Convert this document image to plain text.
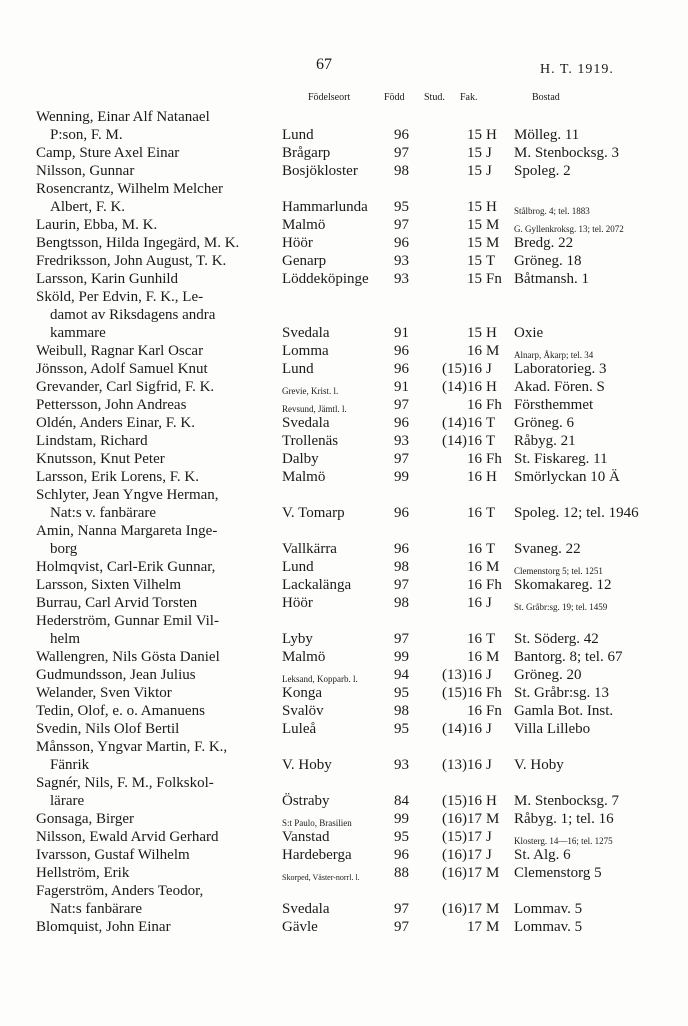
67	H. T. 1919.
Födelseort	Född Stud. Fak.	Bostad
Wenning, Einar Alf Natanael
P:son, F. M.	Lund	96	15	H	Mölleg. 11

Camp, Sture Axel Einar	Brågarp	97	15	J	M. Stenbocksg. 3

Nilsson, Gunnar	Bosjökloster	98	15	J	Spoleg. 2

Rosencrantz, Wilhelm Melcher
Albert, F. K.	Hammarlunda	95	15	H	Stålbrog. 4; tel. 1883

Laurin, Ebba, M. K.	Malmö	97	15	M	G. Gyllenkroksg. 13; tel. 2072

Bengtsson, Hilda Ingegärd, M. K.	Höör	96	15	M	Bredg. 22

Fredriksson, John August, T. K.	Genarp	93	15	T	Gröneg. 18

Larsson, Karin Gunhild	Löddeköpinge	93	15	Fn	Båtmansh. 1

Sköld, Per Edvin, F. K., Le-
damot av Riksdagens andra
kammare	Svedala	91	15	H	Oxie

Weibull, Ragnar Karl Oscar	Lomma	96	16	M	Alnarp, Åkarp; tel. 34

Jönsson, Adolf Samuel Knut	Lund	96	(15)16	J	Laboratorieg. 3

Grevander, Carl Sigfrid, F. K.	Grevie, Krist. l.	91	(14)16	H	Akad. Fören. S

Pettersson, John Andreas	Revsund, Jämtl. l.	97	16	Fh	Försthemmet

Oldén, Anders Einar, F. K.	Svedala	96	(14)16	T	Gröneg. 6

Lindstam, Richard	Trollenäs	93	(14)16	T	Råbyg. 21

Knutsson, Knut Peter	Dalby	97	16	Fh	St. Fiskareg. 11

Larsson, Erik Lorens, F. K.	Malmö	99	16	H	Smörlyckan 10 Ä

Schlyter, Jean Yngve Herman,
Nat:s v. fanbärare	V. Tomarp	96	16	T	Spoleg. 12; tel. 1946

Amin, Nanna Margareta Inge-
borg	Vallkärra	96	16	T	Svaneg. 22

Holmqvist, Carl-Erik Gunnar,	Lund	98	16	M	Clemenstorg 5; tel. 1251

Larsson, Sixten Vilhelm	Lackalänga	97	16	Fh	Skomakareg. 12

Burrau, Carl Arvid Torsten	Höör	98	16	J	St. Gråbr:sg. 19; tel. 1459

Hederström, Gunnar Emil Vil-
helm	Lyby	97	16	T	St. Söderg. 42

Wallengren, Nils Gösta Daniel	Malmö	99	16	M	Bantorg. 8; tel. 67

Gudmundsson, Jean Julius	Leksand, Kopparb. l.	94	(13)16	J	Gröneg. 20

Welander, Sven Viktor	Konga	95	(15)16	Fh	St. Gråbr:sg. 13

Tedin, Olof, e. o. Amanuens	Svalöv	98	16	Fn	Gamla Bot. Inst.

Svedin, Nils Olof Bertil	Luleå	95	(14)16	J	Villa Lillebo

Månsson, Yngvar Martin, F. K.,
Fänrik	V. Hoby	93	(13)16	J	V. Hoby

Sagnér, Nils, F. M., Folkskol-
lärare	Östraby	84	(15)16	H	M. Stenbocksg. 7

Gonsaga, Birger	S:t Paulo, Brasilien	99	(16)17	M	Råbyg. 1; tel. 16

Nilsson, Ewald Arvid Gerhard	Vanstad	95	(15)17	J	Klosterg. 14—16; tel. 1275

Ivarsson, Gustaf Wilhelm	Hardeberga	96	(16)17	J	St. Alg. 6

Hellström, Erik	Skorped, Väster-norrl. l.	88	(16)17	M	Clemenstorg 5

Fagerström, Anders Teodor,
Nat:s fanbärare	Svedala	97	(16)17	M	Lommav. 5

Blomquist, John Einar	Gävle	97	17	M	Lommav. 5
